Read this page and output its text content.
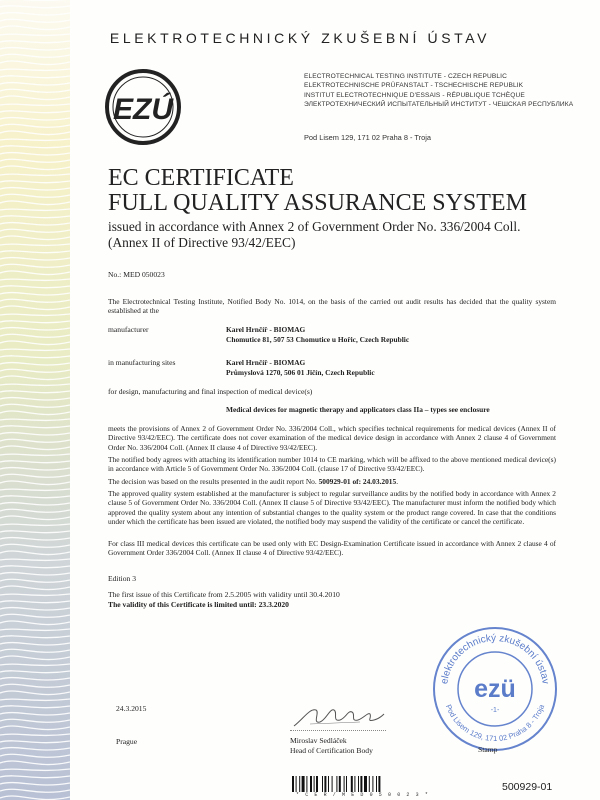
ELEKTROTECHNICKÝ ZKUŠEBNÍ ÚSTAV
EZÚ
ELECTROTECHNICAL TESTING INSTITUTE - CZECH REPUBLIC
ELEKTROTECHNISCHE PRÜFANSTALT - TSCHECHISCHE REPUBLIK
INSTITUT ELECTROTECHNIQUE D'ESSAIS - RÉPUBLIQUE TCHÈQUE
ЭЛЕКТРОТЕХНИЧЕСКИЙ ИСПЫТАТЕЛЬНЫЙ ИНСТИТУТ - ЧЕШСКАЯ РЕСПУБЛИКА
Pod Lisem 129, 171 02 Praha 8 - Troja
EC CERTIFICATE
FULL QUALITY ASSURANCE SYSTEM
issued in accordance with Annex 2 of Government Order No. 336/2004 Coll.
(Annex II of Directive 93/42/EEC)
No.: MED 050023
The Electrotechnical Testing Institute, Notified Body No. 1014, on the basis of the carried out audit results has decided that the quality system established at the
manufacturer	Karel Hrnčíř - BIOMAG
Chomutice 81, 507 53 Chomutice u Hořic, Czech Republic
in manufacturing sites	Karel Hrnčíř - BIOMAG
Průmyslová 1270, 506 01 Jičín, Czech Republic
for design, manufacturing and final inspection of medical device(s)
Medical devices for magnetic therapy and applicators class IIa – types see enclosure
meets the provisions of Annex 2 of Government Order No. 336/2004 Coll., which specifies technical requirements for medical devices (Annex II of Directive 93/42/EEC). The certificate does not cover examination of the medical device design in accordance with Annex 2 clause 4 of Government Order No. 336/2004 Coll. (Annex II clause 4 of Directive 93/42/EEC).
The notified body agrees with attaching its identification number 1014 to CE marking, which will be affixed to the above mentioned medical device(s) in accordance with Article 5 of Government Order No. 336/2004 Coll. (clause 17 of Directive 93/42/EEC).
The decision was based on the results presented in the audit report No. 500929-01 of: 24.03.2015.
The approved quality system established at the manufacturer is subject to regular surveillance audits by the notified body in accordance with Annex 2 clause 5 of Government Order No. 336/2004 Coll. (Annex II clause 5 of Directive 93/42/EEC). The manufacturer must inform the notified body which approved the quality system about any intention of substantial changes to the quality system or the product range covered. In case that the conditions under which the certificate has been issued are violated, the notified body may suspend the validity of the certificate or cancel the certificate.
For class III medical devices this certificate can be used only with EC Design-Examination Certificate issued in accordance with Annex 2 clause 4 of Government Order 336/2004 Coll. (Annex II clause 4 of Directive 93/42/EEC).
Edition 3
The first issue of this Certificate from 2.5.2005 with validity until 30.4.2010
The validity of this Certificate is limited until: 23.3.2020
24.3.2015
Prague	Miroslav Sedláček
Head of Certification Body
elektrotechnický zkušební ústav
Pod Lisem 129, 171 02 Praha 8 - Troja
ezü
-1-
Stamp
* C E R / M E D 0 5 0 0 2 3 *
500929-01
